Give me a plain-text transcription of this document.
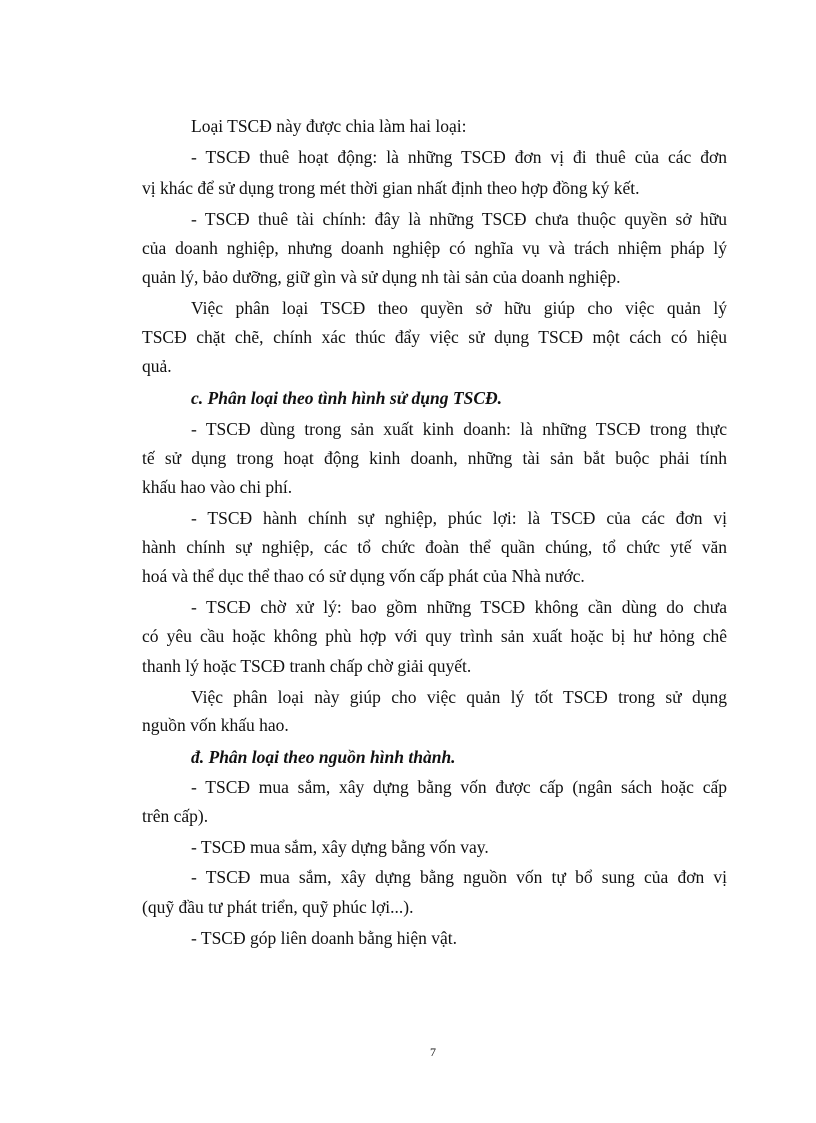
Loại TSCĐ này được chia làm hai loại:
- TSCĐ thuê hoạt động: là những TSCĐ đơn vị đi thuê của các đơn
vị khác để sử dụng trong mét thời gian nhất định theo hợp đồng ký kết.
- TSCĐ thuê tài chính: đây là những TSCĐ chưa thuộc quyền sở hữu
của doanh nghiệp, nhưng doanh nghiệp có nghĩa vụ và trách nhiệm pháp lý
quản lý, bảo dưỡng, giữ gìn và sử dụng nh tài sản của doanh nghiệp.
Việc phân loại TSCĐ theo quyền sở hữu giúp cho việc quản lý
TSCĐ chặt chẽ, chính xác thúc đẩy việc sử dụng TSCĐ một cách có hiệu
quả.
c. Phân loại theo tình hình sử dụng TSCĐ.
- TSCĐ dùng trong sản xuất kinh doanh: là những TSCĐ trong thực
tế sử dụng trong hoạt động kinh doanh, những tài sản bắt buộc phải tính
khấu hao vào chi phí.
- TSCĐ hành chính sự nghiệp, phúc lợi: là TSCĐ của các đơn vị
hành chính sự nghiệp, các tổ chức đoàn thể quần chúng, tổ chức ytế văn
hoá và thể dục thể thao có sử dụng vốn cấp phát của Nhà nước.
- TSCĐ chờ xử lý: bao gồm những TSCĐ không cần dùng do chưa
có yêu cầu hoặc không phù hợp với quy trình sản xuất hoặc bị hư hỏng chê
thanh lý hoặc TSCĐ tranh chấp chờ giải quyết.
Việc phân loại này giúp cho việc quản lý tốt TSCĐ trong sử dụng
nguồn vốn khấu hao.
đ. Phân loại theo nguồn hình thành.
- TSCĐ mua sắm, xây dựng bằng vốn được cấp (ngân sách hoặc cấp
trên cấp).
- TSCĐ mua sắm, xây dựng bằng vốn vay.
- TSCĐ mua sắm, xây dựng bằng nguồn vốn tự bổ sung của đơn vị
(quỹ đầu tư phát triển, quỹ phúc lợi...).
- TSCĐ góp liên doanh bằng hiện vật.
7
